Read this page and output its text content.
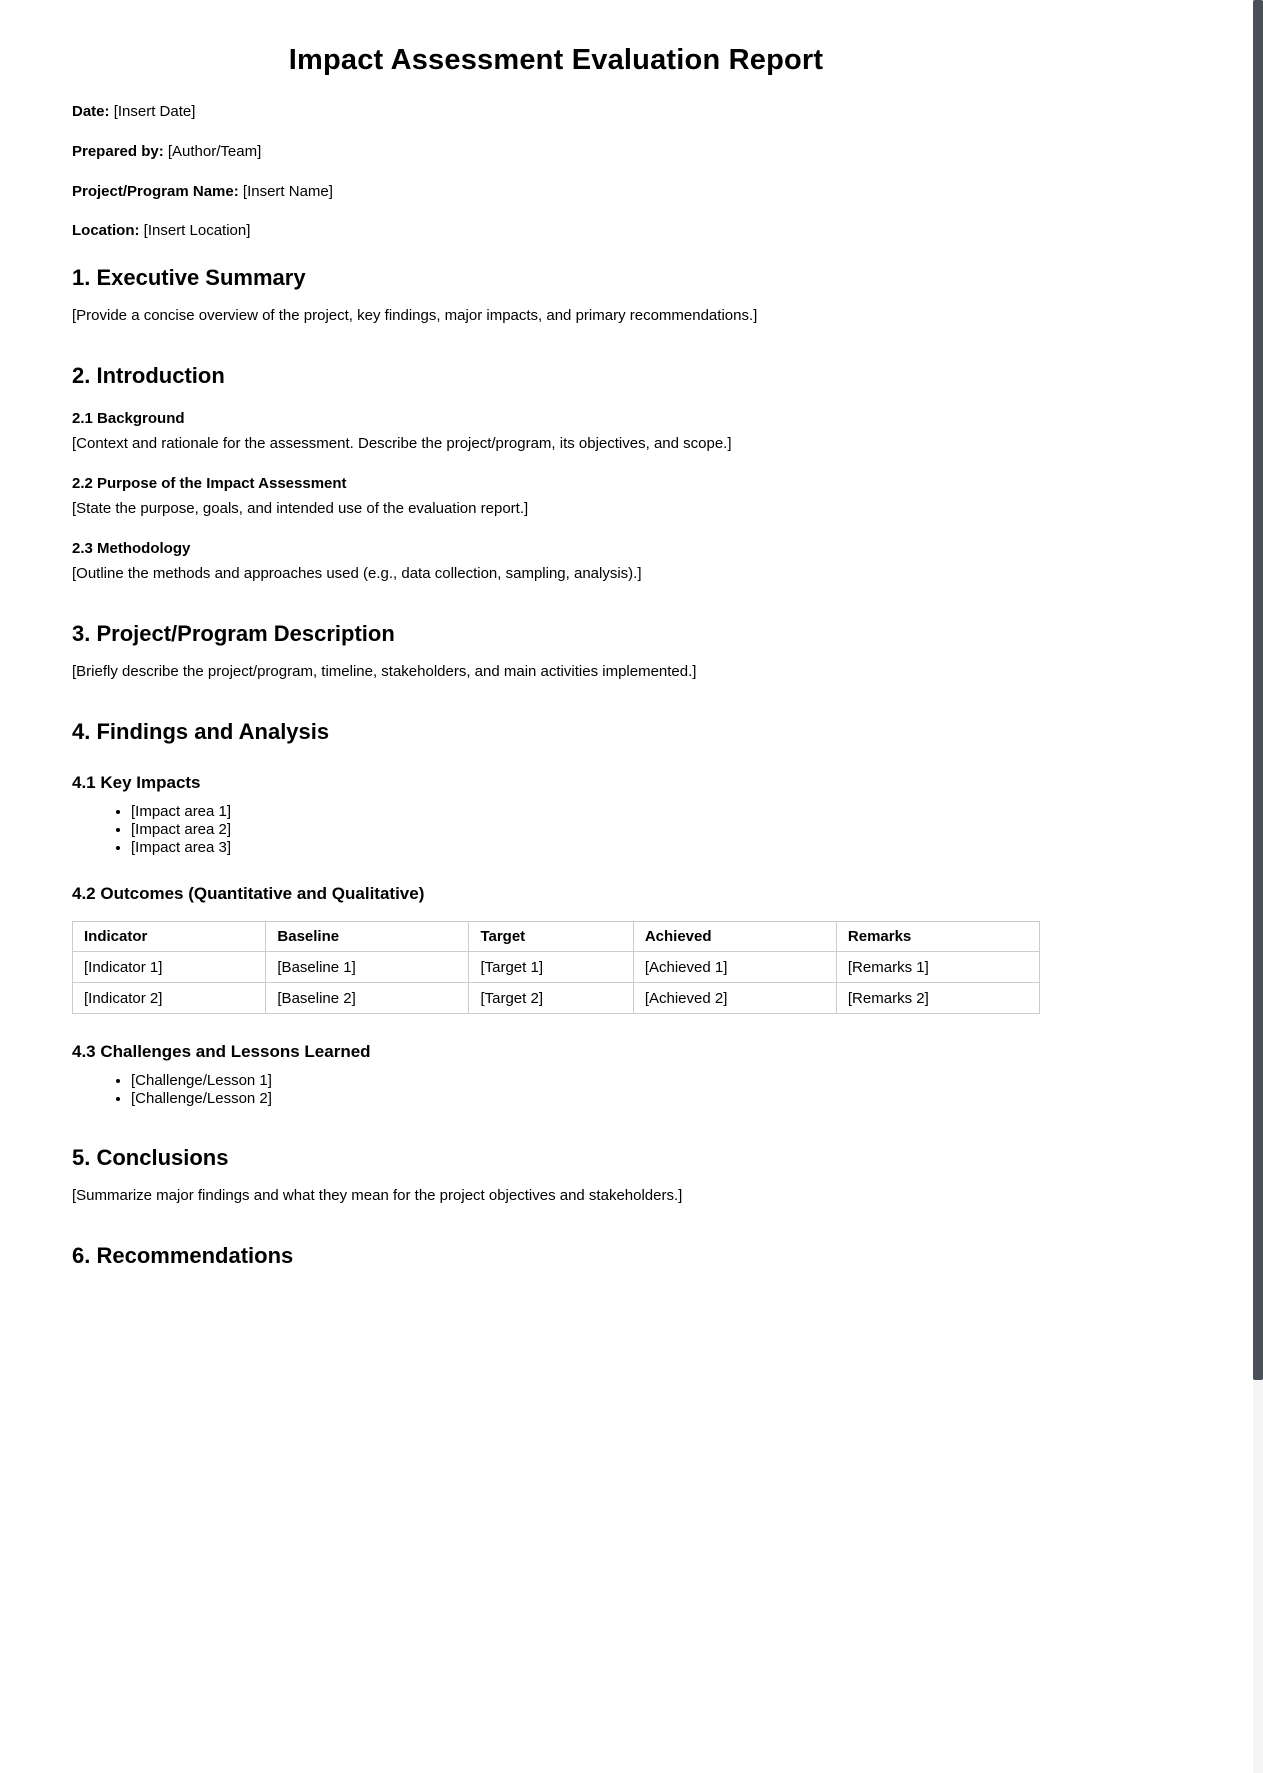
Impact Assessment Evaluation Report

Date: [Insert Date]

Prepared by: [Author/Team]

Project/Program Name: [Insert Name]

Location: [Insert Location]

1. Executive Summary

[Provide a concise overview of the project, key findings, major impacts, and primary recommendations.]

2. Introduction
2.1 Background

[Context and rationale for the assessment. Describe the project/program, its objectives, and scope.]

2.2 Purpose of the Impact Assessment

[State the purpose, goals, and intended use of the evaluation report.]

2.3 Methodology

[Outline the methods and approaches used (e.g., data collection, sampling, analysis).]

3. Project/Program Description

[Briefly describe the project/program, timeline, stakeholders, and main activities implemented.]

4. Findings and Analysis
4.1 Key Impacts
• [Impact area 1]
• [Impact area 2]
• [Impact area 3]
4.2 Outcomes (Quantitative and Qualitative)
Indicator	Baseline	Target	Achieved	Remarks
[Indicator 1]	[Baseline 1]	[Target 1]	[Achieved 1]	[Remarks 1]
[Indicator 2]	[Baseline 2]	[Target 2]	[Achieved 2]	[Remarks 2]
4.3 Challenges and Lessons Learned
• [Challenge/Lesson 1]
• [Challenge/Lesson 2]
5. Conclusions

[Summarize major findings and what they mean for the project objectives and stakeholders.]

6. Recommendations
